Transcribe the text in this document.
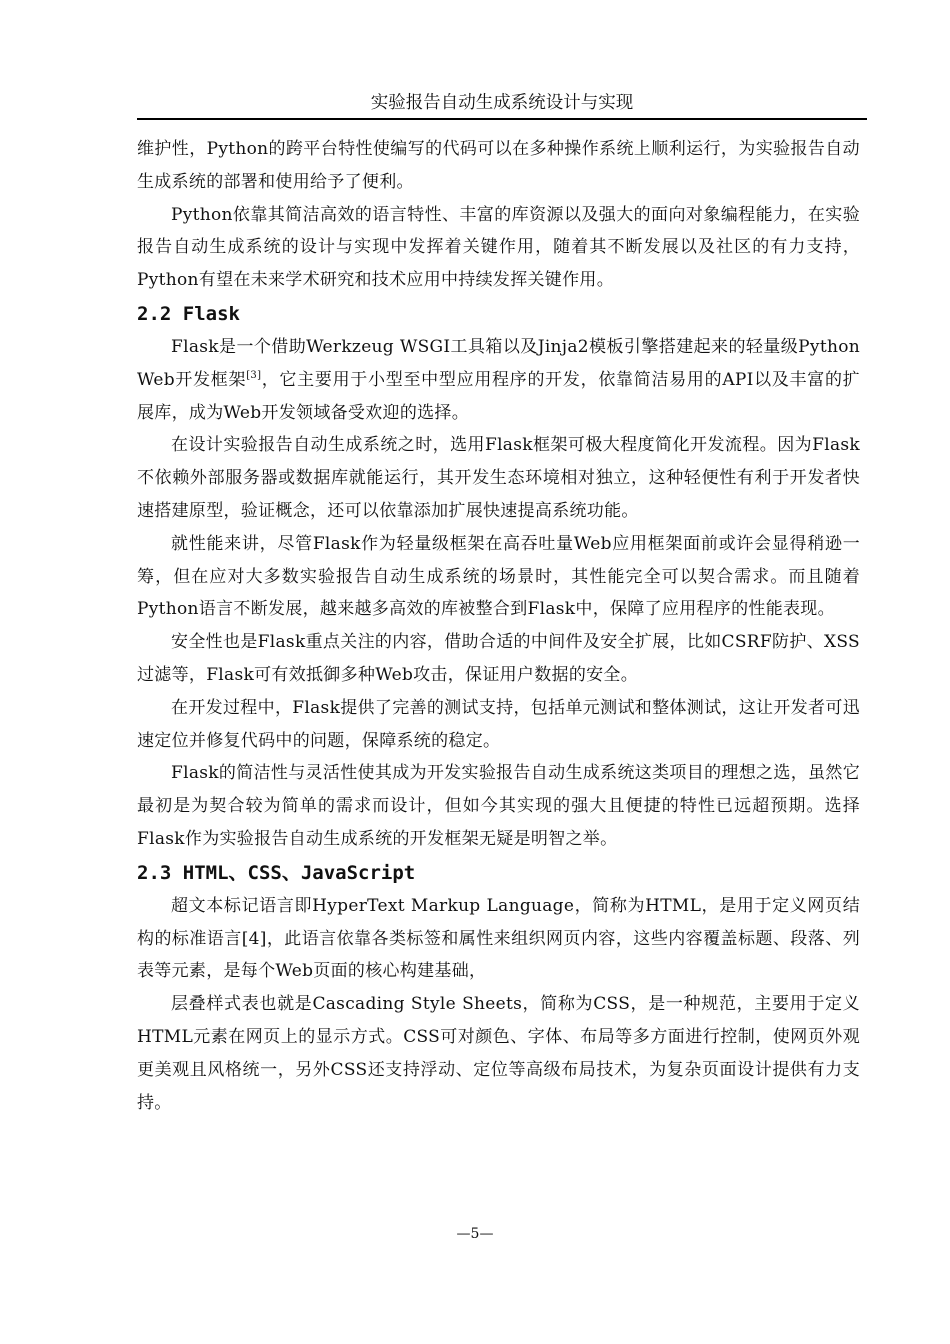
实验报告自动生成系统设计与实现

维护性，Python的跨平台特性使编写的代码可以在多种操作系统上顺利运行，为实验报告自动生成系统的部署和使用给予了便利。

Python依靠其简洁高效的语言特性、丰富的库资源以及强大的面向对象编程能力，在实验报告自动生成系统的设计与实现中发挥着关键作用，随着其不断发展以及社区的有力支持，Python有望在未来学术研究和技术应用中持续发挥关键作用。

2.2 Flask

Flask是一个借助Werkzeug WSGI工具箱以及Jinja2模板引擎搭建起来的轻量级Python Web开发框架[3]，它主要用于小型至中型应用程序的开发，依靠简洁易用的API以及丰富的扩展库，成为Web开发领域备受欢迎的选择。

在设计实验报告自动生成系统之时，选用Flask框架可极大程度简化开发流程。因为Flask不依赖外部服务器或数据库就能运行，其开发生态环境相对独立，这种轻便性有利于开发者快速搭建原型，验证概念，还可以依靠添加扩展快速提高系统功能。

就性能来讲，尽管Flask作为轻量级框架在高吞吐量Web应用框架面前或许会显得稍逊一筹，但在应对大多数实验报告自动生成系统的场景时，其性能完全可以契合需求。而且随着Python语言不断发展，越来越多高效的库被整合到Flask中，保障了应用程序的性能表现。

安全性也是Flask重点关注的内容，借助合适的中间件及安全扩展，比如CSRF防护、XSS过滤等，Flask可有效抵御多种Web攻击，保证用户数据的安全。

在开发过程中，Flask提供了完善的测试支持，包括单元测试和整体测试，这让开发者可迅速定位并修复代码中的问题，保障系统的稳定。

Flask的简洁性与灵活性使其成为开发实验报告自动生成系统这类项目的理想之选，虽然它最初是为契合较为简单的需求而设计，但如今其实现的强大且便捷的特性已远超预期。选择Flask作为实验报告自动生成系统的开发框架无疑是明智之举。

2.3 HTML、CSS、JavaScript

超文本标记语言即HyperText Markup Language，简称为HTML，是用于定义网页结构的标准语言[4]，此语言依靠各类标签和属性来组织网页内容，这些内容覆盖标题、段落、列表等元素，是每个Web页面的核心构建基础，

层叠样式表也就是Cascading Style Sheets，简称为CSS，是一种规范，主要用于定义HTML元素在网页上的显示方式。CSS可对颜色、字体、布局等多方面进行控制，使网页外观更美观且风格统一，另外CSS还支持浮动、定位等高级布局技术，为复杂页面设计提供有力支持。

—5—
